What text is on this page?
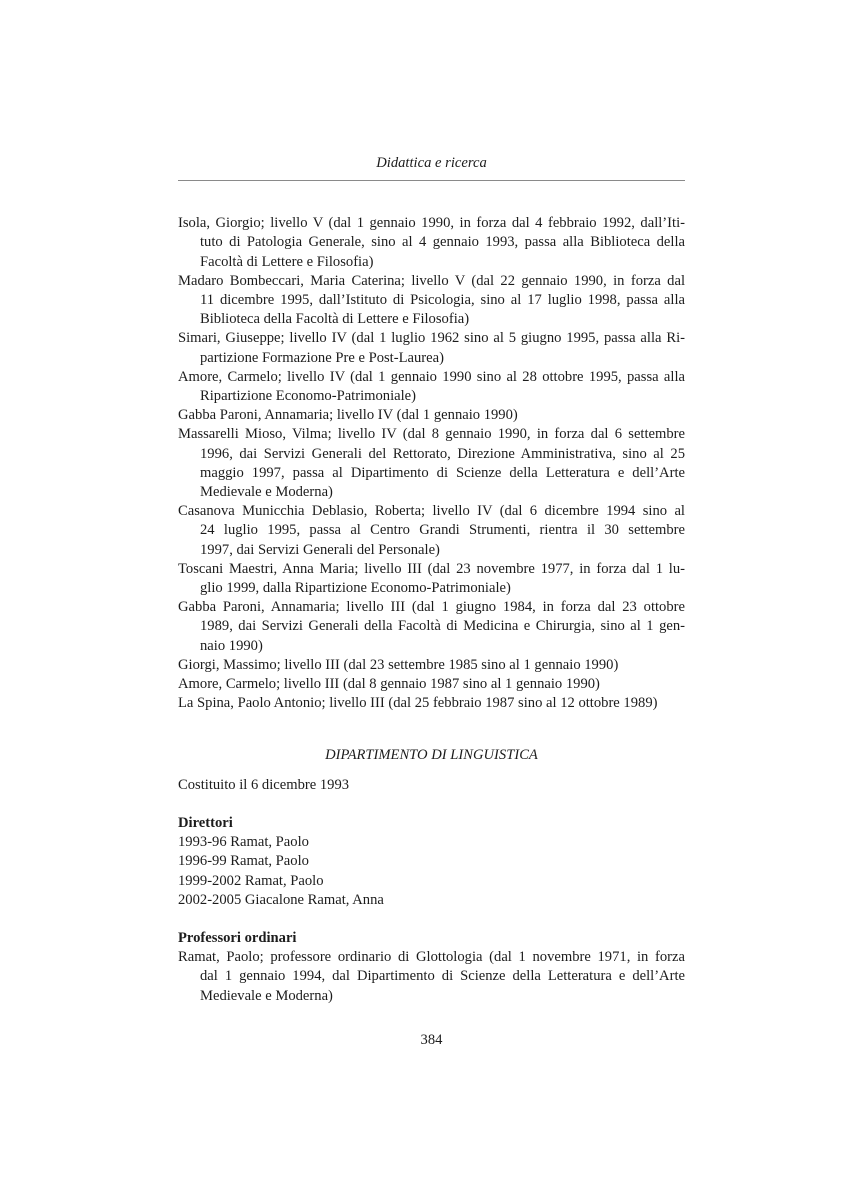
Didattica e ricerca
Isola, Giorgio; livello V (dal 1 gennaio 1990, in forza dal 4 febbraio 1992, dall’Iti-
tuto di Patologia Generale, sino al 4 gennaio 1993, passa alla Biblioteca della
Facoltà di Lettere e Filosofia)
Madaro Bombeccari, Maria Caterina; livello V (dal 22 gennaio 1990, in forza dal
11 dicembre 1995, dall’Istituto di Psicologia, sino al 17 luglio 1998, passa alla
Biblioteca della Facoltà di Lettere e Filosofia)
Simari, Giuseppe; livello IV (dal 1 luglio 1962 sino al 5 giugno 1995, passa alla Ri-
partizione Formazione Pre e Post-Laurea)
Amore, Carmelo; livello IV (dal 1 gennaio 1990 sino al 28 ottobre 1995, passa alla
Ripartizione Economo-Patrimoniale)
Gabba Paroni, Annamaria; livello IV (dal 1 gennaio 1990)
Massarelli Mioso, Vilma; livello IV (dal 8 gennaio 1990, in forza dal 6 settembre
1996, dai Servizi Generali del Rettorato, Direzione Amministrativa, sino al 25
maggio 1997, passa al Dipartimento di Scienze della Letteratura e dell’Arte
Medievale e Moderna)
Casanova Municchia Deblasio, Roberta; livello IV (dal 6 dicembre 1994 sino al
24 luglio 1995, passa al Centro Grandi Strumenti, rientra il 30 settembre
1997, dai Servizi Generali del Personale)
Toscani Maestri, Anna Maria; livello III (dal 23 novembre 1977, in forza dal 1 lu-
glio 1999, dalla Ripartizione Economo-Patrimoniale)
Gabba Paroni, Annamaria; livello III (dal 1 giugno 1984, in forza dal 23 ottobre
1989, dai Servizi Generali della Facoltà di Medicina e Chirurgia, sino al 1 gen-
naio 1990)
Giorgi, Massimo; livello III (dal 23 settembre 1985 sino al 1 gennaio 1990)
Amore, Carmelo; livello III (dal 8 gennaio 1987 sino al 1 gennaio 1990)
La Spina, Paolo Antonio; livello III (dal 25 febbraio 1987 sino al 12 ottobre 1989)
DIPARTIMENTO DI LINGUISTICA
Costituito il 6 dicembre 1993
Direttori
1993-96 Ramat, Paolo
1996-99 Ramat, Paolo
1999-2002 Ramat, Paolo
2002-2005 Giacalone Ramat, Anna
Professori ordinari
Ramat, Paolo; professore ordinario di Glottologia (dal 1 novembre 1971, in forza
dal 1 gennaio 1994, dal Dipartimento di Scienze della Letteratura e dell’Arte
Medievale e Moderna)
384
